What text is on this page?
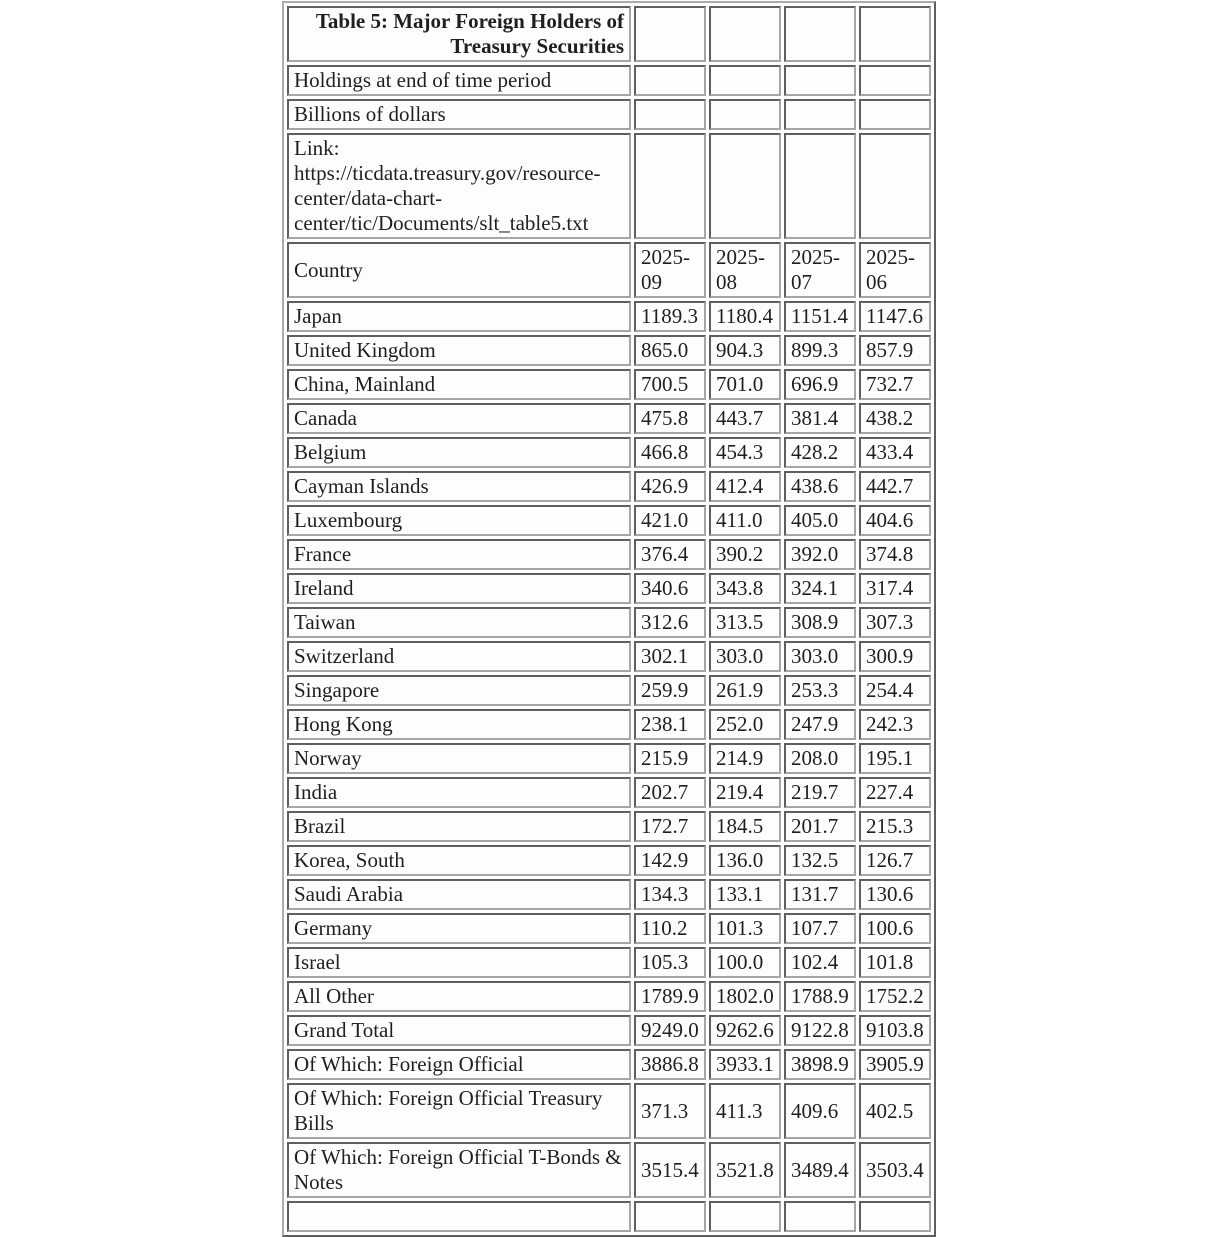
Table 5: Major Foreign Holders of Treasury Securities				
Holdings at end of time period				
Billions of dollars				
Link: https://ticdata.treasury.gov/resource-center/data-chart-center/tic/Documents/slt_table5.txt				
Country	2025-09	2025-08	2025-07	2025-06
Japan	1189.3	1180.4	1151.4	1147.6
United Kingdom	865.0	904.3	899.3	857.9
China, Mainland	700.5	701.0	696.9	732.7
Canada	475.8	443.7	381.4	438.2
Belgium	466.8	454.3	428.2	433.4
Cayman Islands	426.9	412.4	438.6	442.7
Luxembourg	421.0	411.0	405.0	404.6
France	376.4	390.2	392.0	374.8
Ireland	340.6	343.8	324.1	317.4
Taiwan	312.6	313.5	308.9	307.3
Switzerland	302.1	303.0	303.0	300.9
Singapore	259.9	261.9	253.3	254.4
Hong Kong	238.1	252.0	247.9	242.3
Norway	215.9	214.9	208.0	195.1
India	202.7	219.4	219.7	227.4
Brazil	172.7	184.5	201.7	215.3
Korea, South	142.9	136.0	132.5	126.7
Saudi Arabia	134.3	133.1	131.7	130.6
Germany	110.2	101.3	107.7	100.6
Israel	105.3	100.0	102.4	101.8
All Other	1789.9	1802.0	1788.9	1752.2
Grand Total	9249.0	9262.6	9122.8	9103.8
Of Which: Foreign Official	3886.8	3933.1	3898.9	3905.9
Of Which: Foreign Official Treasury Bills	371.3	411.3	409.6	402.5
Of Which: Foreign Official T-Bonds & Notes	3515.4	3521.8	3489.4	3503.4
